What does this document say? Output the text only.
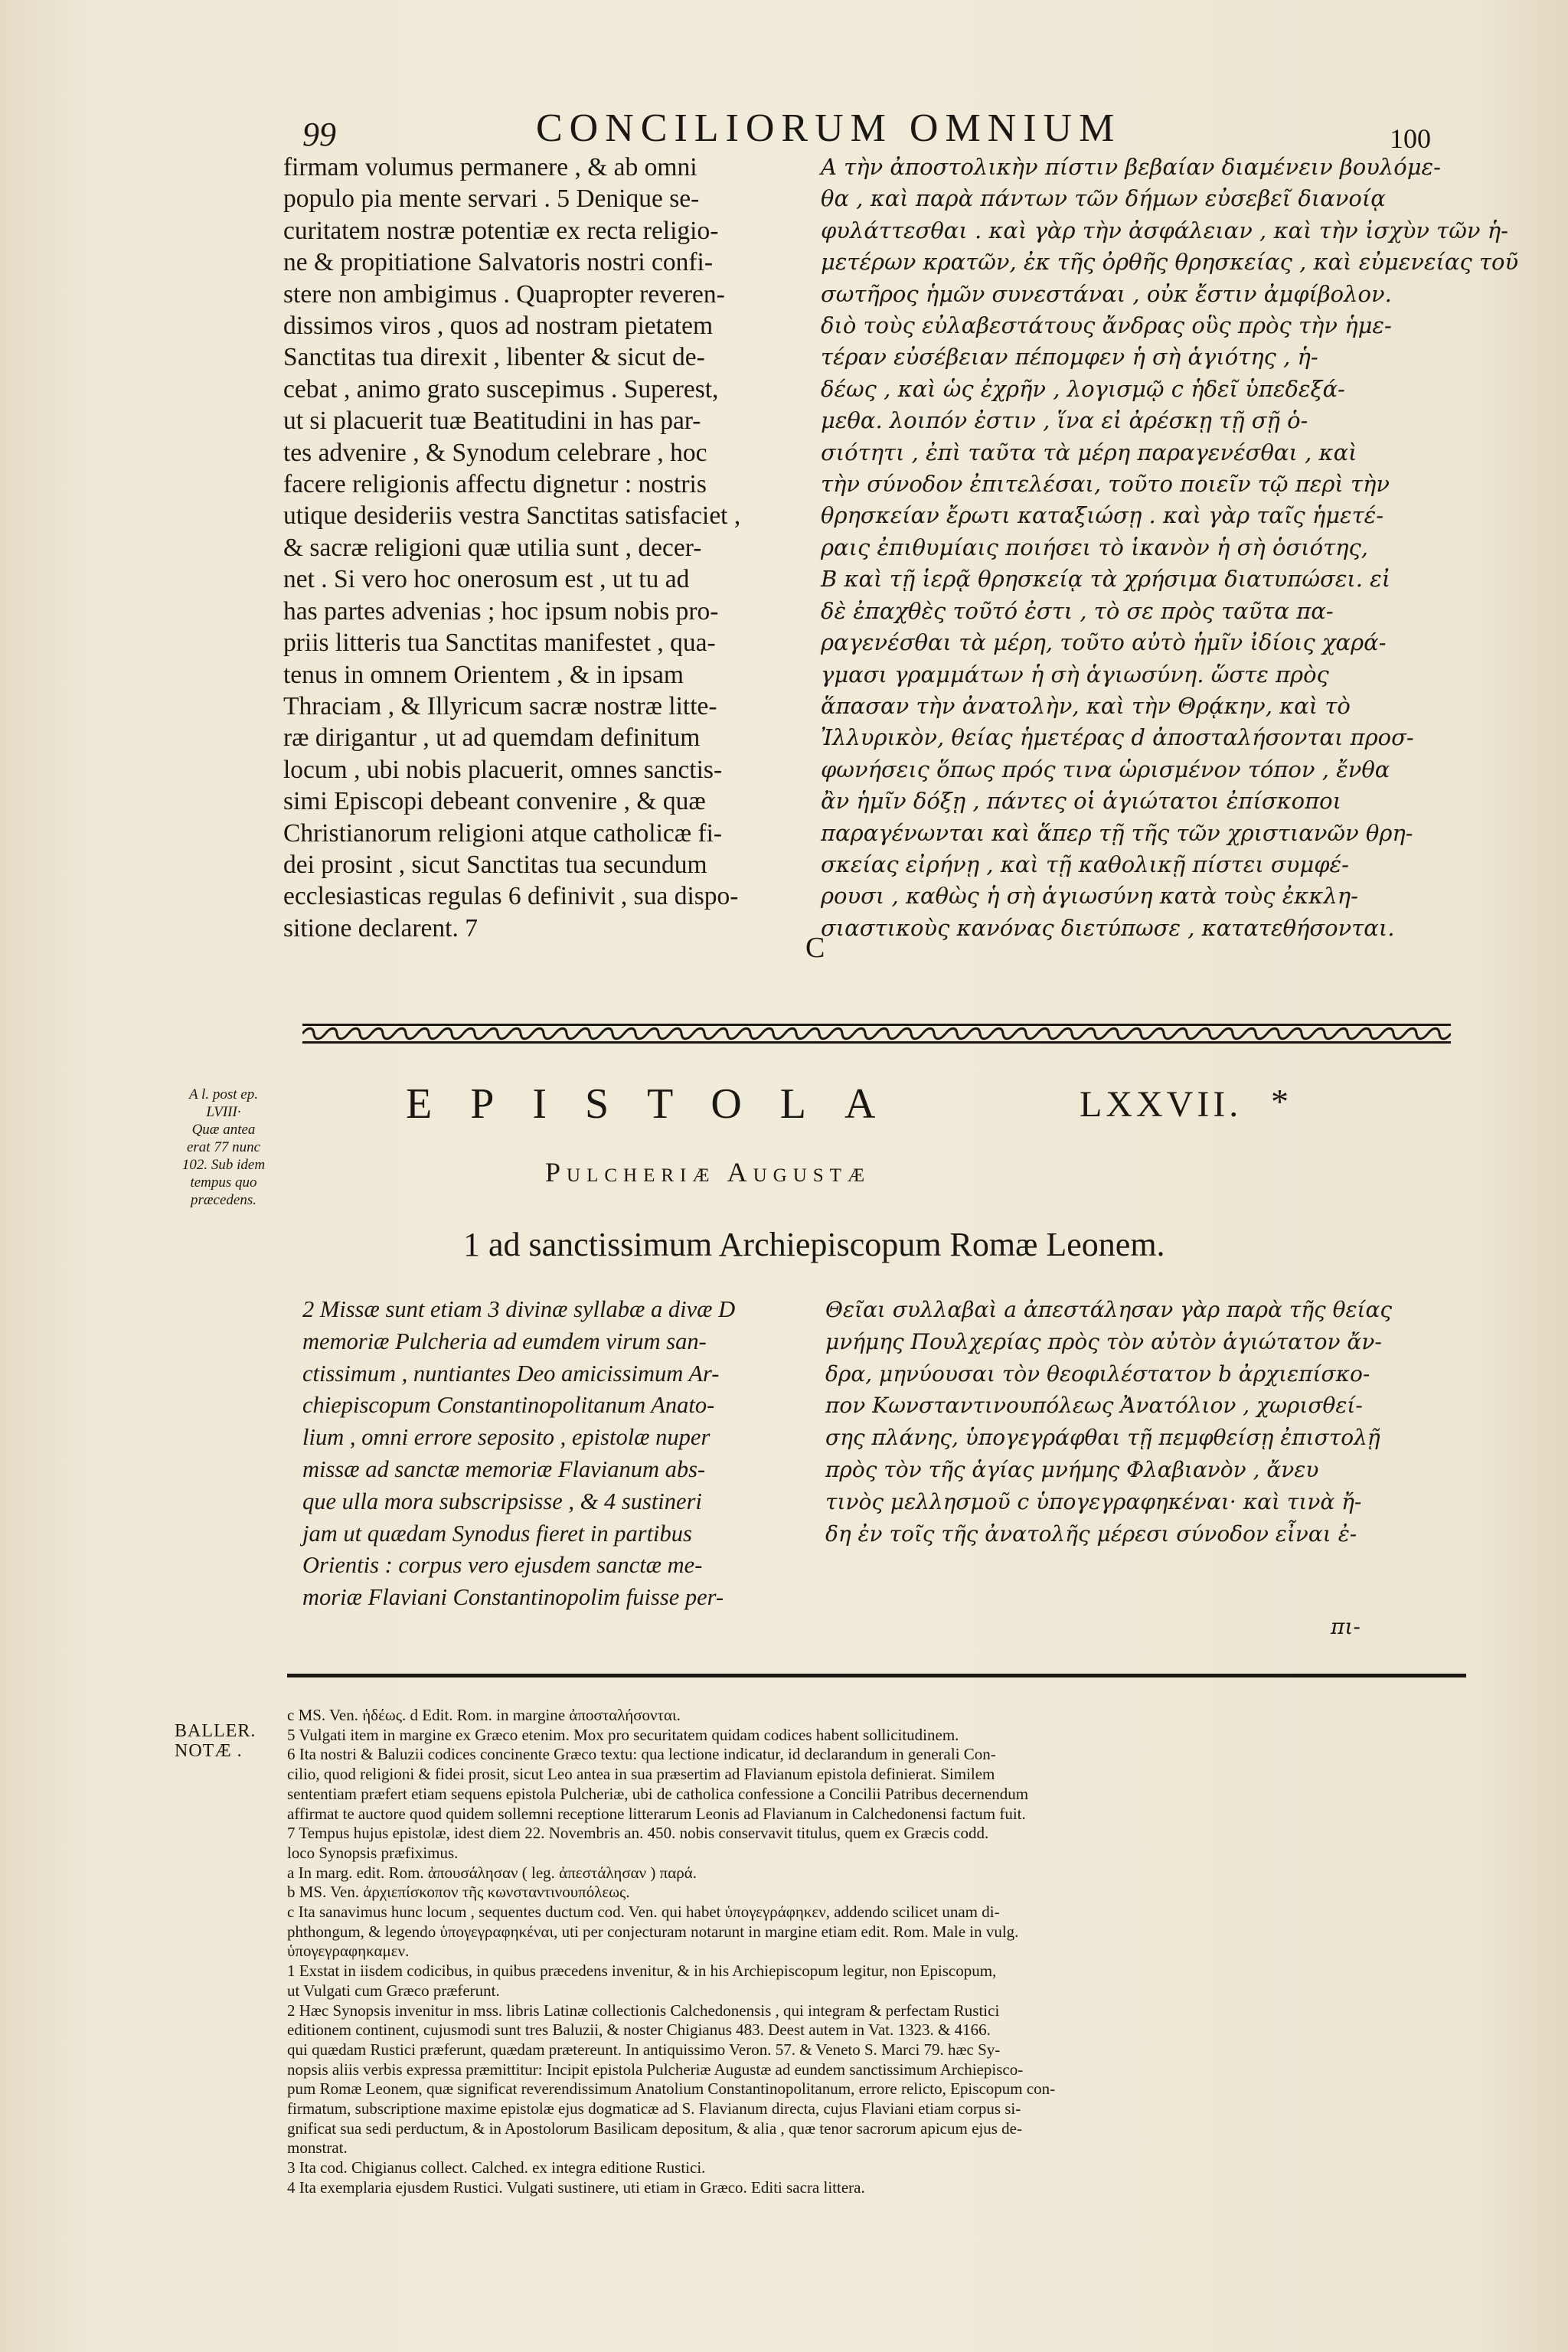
99	CONCILIORUM OMNIUM	100

firmam volumus permanere , & ab omni

populo pia mente servari . 5 Denique se-

curitatem nostræ potentiæ ex recta religio-

ne & propitiatione Salvatoris nostri confi-

stere non ambigimus . Quapropter reveren-

dissimos viros , quos ad nostram pietatem

Sanctitas tua direxit , libenter & sicut de-

cebat , animo grato suscepimus . Superest,

ut si placuerit tuæ Beatitudini in has par-

tes advenire , & Synodum celebrare , hoc

facere religionis affectu dignetur : nostris

utique desideriis vestra Sanctitas satisfaciet ,

& sacræ religioni quæ utilia sunt , decer-

net . Si vero hoc onerosum est , ut tu ad

has partes advenias ; hoc ipsum nobis pro-

priis litteris tua Sanctitas manifestet , qua-

tenus in omnem Orientem , & in ipsam

Thraciam , & Illyricum sacræ nostræ litte-

ræ dirigantur , ut ad quemdam definitum

locum , ubi nobis placuerit, omnes sanctis-

simi Episcopi debeant convenire , & quæ

Christianorum religioni atque catholicæ fi-

dei prosint , sicut Sanctitas tua secundum

ecclesiasticas regulas 6 definivit , sua dispo-

sitione declarent. 7

A τὴν ἀποστολικὴν πίστιν βεβαίαν διαμένειν βουλόμε-

θα , καὶ παρὰ πάντων τῶν δήμων εὐσεβεῖ διανοίᾳ

φυλάττεσθαι . καὶ γὰρ τὴν ἀσφάλειαν , καὶ τὴν ἰσχὺν τῶν ἡ-

μετέρων κρατῶν, ἐκ τῆς ὀρθῆς θρησκείας , καὶ εὐμενείας τοῦ

σωτῆρος ἡμῶν συνεστάναι , οὐκ ἔστιν ἀμφίβολον.

διὸ τοὺς εὐλαβεστάτους ἄνδρας οὓς πρὸς τὴν ἡμε-

τέραν εὐσέβειαν πέπομφεν ἡ σὴ ἁγιότης , ἡ-

δέως , καὶ ὡς ἐχρῆν , λογισμῷ c ἡδεῖ ὑπεδεξά-

μεθα. λοιπόν ἐστιν , ἵνα εἰ ἀρέσκῃ τῇ σῇ ὁ-

σιότητι , ἐπὶ ταῦτα τὰ μέρη παραγενέσθαι , καὶ

τὴν σύνοδον ἐπιτελέσαι, τοῦτο ποιεῖν τῷ περὶ τὴν

θρησκείαν ἔρωτι καταξιώσῃ . καὶ γὰρ ταῖς ἡμετέ-

ραις ἐπιθυμίαις ποιήσει τὸ ἱκανὸν ἡ σὴ ὁσιότης,

B καὶ τῇ ἱερᾷ θρησκείᾳ τὰ χρήσιμα διατυπώσει. εἰ

δὲ ἐπαχθὲς τοῦτό ἐστι , τὸ σε πρὸς ταῦτα πα-

ραγενέσθαι τὰ μέρη, τοῦτο αὐτὸ ἡμῖν ἰδίοις χαρά-

γμασι γραμμάτων ἡ σὴ ἁγιωσύνη. ὥστε πρὸς

ἅπασαν τὴν ἀνατολὴν, καὶ τὴν Θρᾴκην, καὶ τὸ

Ἰλλυρικὸν, θείας ἡμετέρας d ἀποσταλήσονται προσ-

φωνήσεις ὅπως πρός τινα ὡρισμένον τόπον , ἔνθα

ἂν ἡμῖν δόξῃ , πάντες οἱ ἁγιώτατοι ἐπίσκοποι

παραγένωνται καὶ ἅπερ τῇ τῆς τῶν χριστιανῶν θρη-

σκείας εἰρήνῃ , καὶ τῇ καθολικῇ πίστει συμφέ-

ρουσι , καθὼς ἡ σὴ ἁγιωσύνη κατὰ τοὺς ἐκκλη-

σιαστικοὺς κανόνας διετύπωσε , κατατεθήσονται.

C
A l. post ep.
LVIII·
Quæ antea
erat 77 nunc
102. Sub idem
tempus quo
præcedens.
EPISTOLA	LXXVII. *
Pulcheriæ Augustæ
1 ad sanctissimum Archiepiscopum Romæ Leonem.

2 Missæ sunt etiam 3 divinæ syllabæ a divæ D

memoriæ Pulcheria ad eumdem virum san-

ctissimum , nuntiantes Deo amicissimum Ar-

chiepiscopum Constantinopolitanum Anato-

lium , omni errore seposito , epistolæ nuper

missæ ad sanctæ memoriæ Flavianum abs-

que ulla mora subscripsisse , & 4 sustineri

jam ut quædam Synodus fieret in partibus

Orientis : corpus vero ejusdem sanctæ me-

moriæ Flaviani Constantinopolim fuisse per-

Θεῖαι συλλαβαὶ a ἀπεστάλησαν γὰρ παρὰ τῆς θείας

μνήμης Πουλχερίας πρὸς τὸν αὐτὸν ἁγιώτατον ἄν-

δρα, μηνύουσαι τὸν θεοφιλέστατον b ἀρχιεπίσκο-

πον Κωνσταντινουπόλεως Ἀνατόλιον , χωρισθεί-

σης πλάνης, ὑπογεγράφθαι τῇ πεμφθείσῃ ἐπιστολῇ

πρὸς τὸν τῆς ἁγίας μνήμης Φλαβιανὸν , ἄνευ

τινὸς μελλησμοῦ c ὑπογεγραφηκέναι· καὶ τινὰ ἤ-

δη ἐν τοῖς τῆς ἀνατολῆς μέρεσι σύνοδον εἶναι ἐ-

πι-
BALLER.
NOTÆ .

c MS. Ven. ἡδέως. d Edit. Rom. in margine ἀποσταλήσονται.

5 Vulgati item in margine ex Græco etenim. Mox pro securitatem quidam codices habent sollicitudinem.

6 Ita nostri & Baluzii codices concinente Græco textu: qua lectione indicatur, id declarandum in generali Con-

cilio, quod religioni & fidei prosit, sicut Leo antea in sua præsertim ad Flavianum epistola definierat. Similem

sententiam præfert etiam sequens epistola Pulcheriæ, ubi de catholica confessione a Concilii Patribus decernendum

affirmat te auctore quod quidem sollemni receptione litterarum Leonis ad Flavianum in Calchedonensi factum fuit.

7 Tempus hujus epistolæ, idest diem 22. Novembris an. 450. nobis conservavit titulus, quem ex Græcis codd.

loco Synopsis præfiximus.

a In marg. edit. Rom. ἀπουσάλησαν ( leg. ἀπεστάλησαν ) παρά.

b MS. Ven. ἀρχιεπίσκοπον τῆς κωνσταντινουπόλεως.

c Ita sanavimus hunc locum , sequentes ductum cod. Ven. qui habet ὑπογεγράφηκεν, addendo scilicet unam di-

phthongum, & legendo ὑπογεγραφηκέναι, uti per conjecturam notarunt in margine etiam edit. Rom. Male in vulg.

ὑπογεγραφηκαμεν.

1 Exstat in iisdem codicibus, in quibus præcedens invenitur, & in his Archiepiscopum legitur, non Episcopum,

ut Vulgati cum Græco præferunt.

2 Hæc Synopsis invenitur in mss. libris Latinæ collectionis Calchedonensis , qui integram & perfectam Rustici

editionem continent, cujusmodi sunt tres Baluzii, & noster Chigianus 483. Deest autem in Vat. 1323. & 4166.

qui quædam Rustici præferunt, quædam prætereunt. In antiquissimo Veron. 57. & Veneto S. Marci 79. hæc Sy-

nopsis aliis verbis expressa præmittitur: Incipit epistola Pulcheriæ Augustæ ad eundem sanctissimum Archiepisco-

pum Romæ Leonem, quæ significat reverendissimum Anatolium Constantinopolitanum, errore relicto, Episcopum con-

firmatum, subscriptione maxime epistolæ ejus dogmaticæ ad S. Flavianum directa, cujus Flaviani etiam corpus si-

gnificat sua sedi perductum, & in Apostolorum Basilicam depositum, & alia , quæ tenor sacrorum apicum ejus de-

monstrat.

3 Ita cod. Chigianus collect. Calched. ex integra editione Rustici.

4 Ita exemplaria ejusdem Rustici. Vulgati sustinere, uti etiam in Græco. Editi sacra littera.
